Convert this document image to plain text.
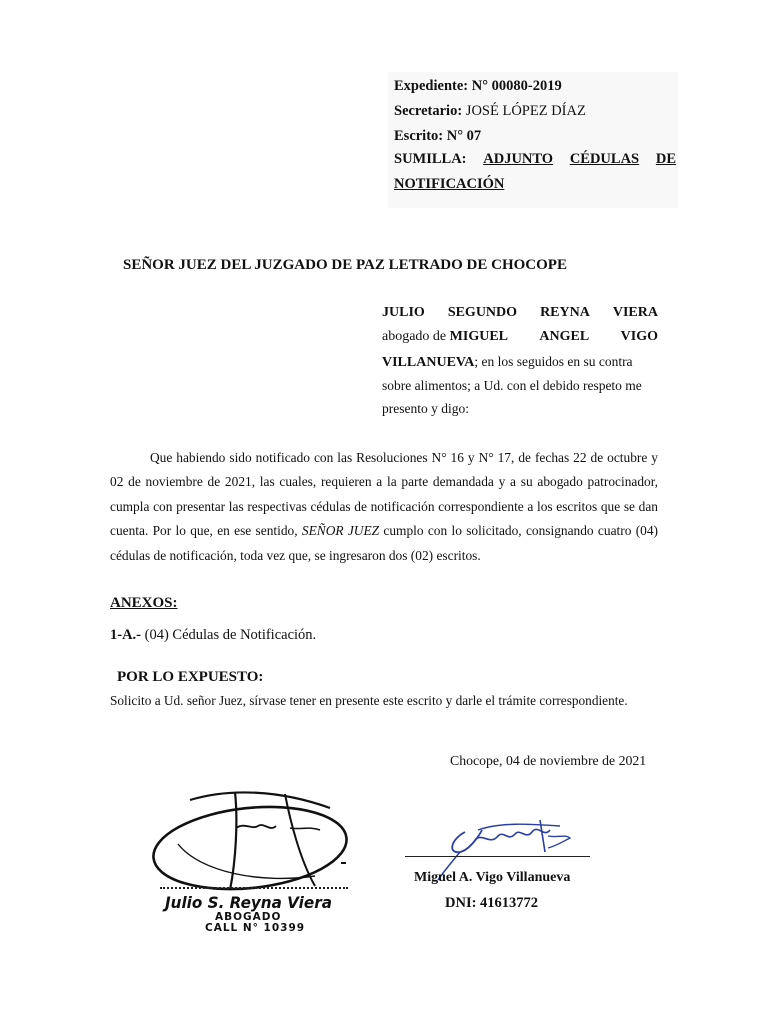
Expediente: N° 00080-2019
Secretario: JOSÉ LÓPEZ DÍAZ
Escrito: N° 07
SUMILLA: ADJUNTO CÉDULAS DE
NOTIFICACIÓN
SEÑOR JUEZ DEL JUZGADO DE PAZ LETRADO DE CHOCOPE
JULIO SEGUNDO REYNA VIERA
abogado de MIGUEL ANGEL VIGO
VILLANUEVA; en los seguidos en su contra
sobre alimentos; a Ud. con el debido respeto me
presento y digo:
Que habiendo sido notificado con las Resoluciones N° 16 y N° 17, de fechas 22 de octubre y 02 de noviembre de 2021, las cuales, requieren a la parte demandada y a su abogado patrocinador, cumpla con presentar las respectivas cédulas de notificación correspondiente a los escritos que se dan cuenta. Por lo que, en ese sentido, SEÑOR JUEZ cumplo con lo solicitado, consignando cuatro (04) cédulas de notificación, toda vez que, se ingresaron dos (02) escritos.
ANEXOS:
1-A.- (04) Cédulas de Notificación.
POR LO EXPUESTO:
Solicito a Ud. señor Juez, sírvase tener en presente este escrito y darle el trámite correspondiente.
Chocope, 04 de noviembre de 2021
Julio S. Reyna Viera
ABOGADO
CALL N° 10399
Miguel A. Vigo Villanueva
DNI: 41613772
